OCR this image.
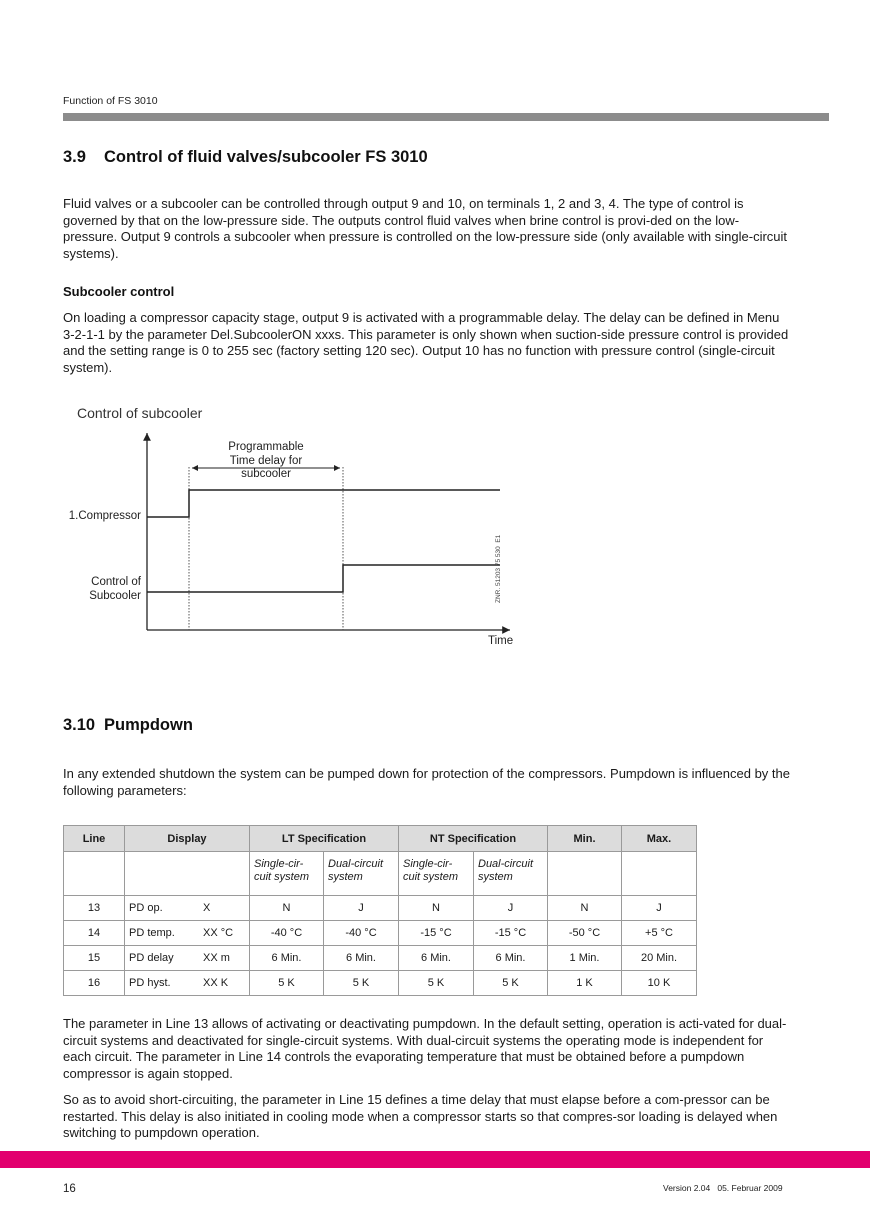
Function of FS 3010
3.9 Control of fluid valves/subcooler FS 3010
Fluid valves or a subcooler can be controlled through output 9 and 10, on terminals 1, 2 and 3, 4. The type of control is governed by that on the low-pressure side. The outputs control fluid valves when brine control is provi-ded on the low-pressure. Output 9 controls a subcooler when pressure is controlled on the low-pressure side (only available with single-circuit systems).
Subcooler control
On loading a compressor capacity stage, output 9 is activated with a programmable delay. The delay can be defined in Menu 3-2-1-1 by the parameter Del.SubcoolerON xxxs. This parameter is only shown when suction-side pressure control is provided and the setting range is 0 to 255 sec (factory setting 120 sec). Output 10 has no function with pressure control (single-circuit system).
Control of subcooler
Programmable
Time delay for
subcooler
1.Compressor
Control of
Subcooler
Time
ZNR. 51203 75 530  E1
3.10 Pumpdown
In any extended shutdown the system can be pumped down for protection of the compressors. Pumpdown is influenced by the following parameters:
Line	Display	LT Specification		NT Specification		Min.	Max.
		Single-cir-cuit system	Dual-circuit system	Single-cir-cuit system	Dual-circuit system		
13	PD op. X	N	J	N	J	N	J
14	PD temp. XX °C	-40 °C	-40 °C	-15 °C	-15 °C	-50 °C	+5 °C
15	PD delay XX m	6 Min.	6 Min.	6 Min.	6 Min.	1 Min.	20 Min.
16	PD hyst. XX K	5 K	5 K	5 K	5 K	1 K	10 K
The parameter in Line 13 allows of activating or deactivating pumpdown. In the default setting, operation is acti-vated for dual-circuit systems and deactivated for single-circuit systems. With dual-circuit systems the operating mode is independent for each circuit. The parameter in Line 14 controls the evaporating temperature that must be obtained before a pumpdown compressor is again stopped.
So as to avoid short-circuiting, the parameter in Line 15 defines a time delay that must elapse before a com-pressor can be restarted. This delay is also initiated in cooling mode when a compressor starts so that compres-sor loading is delayed when switching to pumpdown operation.
16	Version 2.04   05. Februar 2009
